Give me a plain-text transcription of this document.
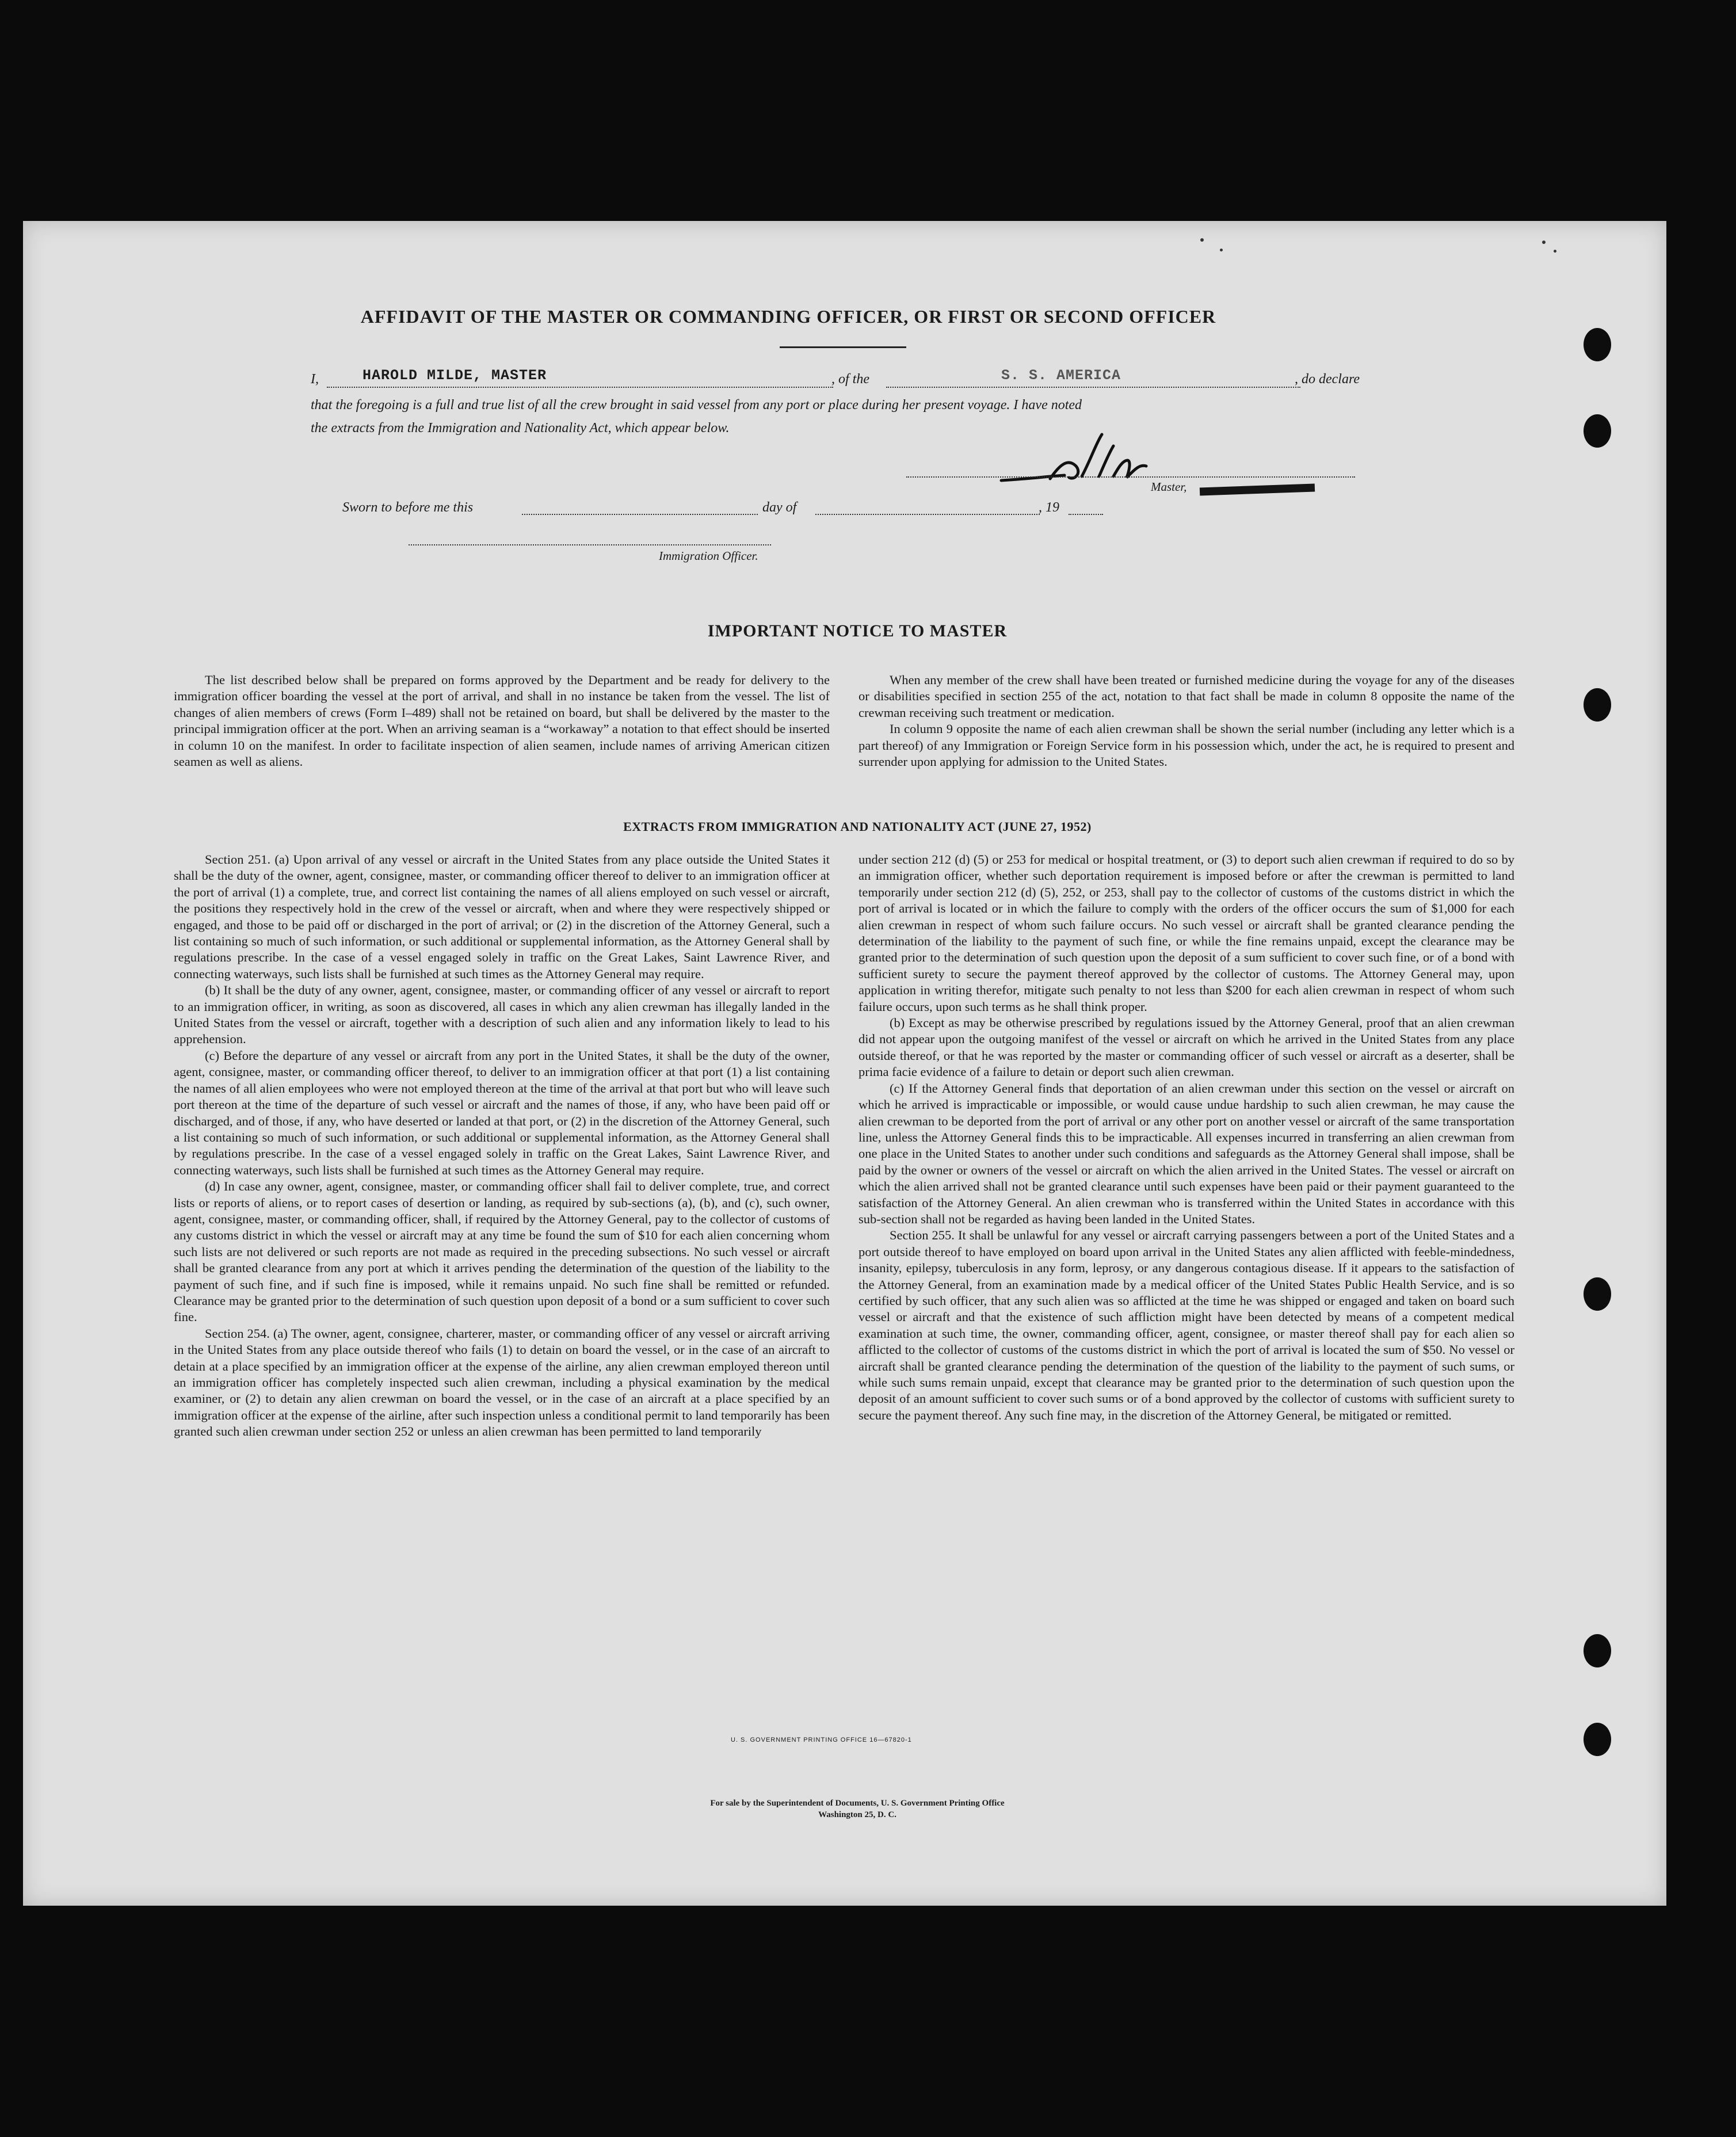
AFFIDAVIT OF THE MASTER OR COMMANDING OFFICER, OR FIRST OR SECOND OFFICER
I,	HAROLD MILDE, MASTER	, of the	S. S. AMERICA	, do declare
that the foregoing is a full and true list of all the crew brought in said vessel from any port or place during her present voyage. I have noted
the extracts from the Immigration and Nationality Act, which appear below.
Master,
Sworn to before me this	day of	, 19
Immigration Officer.
IMPORTANT NOTICE TO MASTER

The list described below shall be prepared on forms approved by the Department and be ready for delivery to the immigration officer boarding the vessel at the port of arrival, and shall in no instance be taken from the vessel. The list of changes of alien members of crews (Form I–489) shall not be retained on board, but shall be delivered by the master to the principal immigration officer at the port. When an arriving seaman is a “workaway” a notation to that effect should be inserted in column 10 on the manifest. In order to facilitate inspection of alien seamen, include names of arriving American citizen seamen as well as aliens.

When any member of the crew shall have been treated or furnished medicine during the voyage for any of the diseases or disabilities specified in section 255 of the act, notation to that fact shall be made in column 8 opposite the name of the crewman receiving such treatment or medication.

In column 9 opposite the name of each alien crewman shall be shown the serial number (including any letter which is a part thereof) of any Immigration or Foreign Service form in his possession which, under the act, he is required to present and surrender upon applying for admission to the United States.

EXTRACTS FROM IMMIGRATION AND NATIONALITY ACT (JUNE 27, 1952)

Section 251. (a) Upon arrival of any vessel or aircraft in the United States from any place outside the United States it shall be the duty of the owner, agent, consignee, master, or commanding officer thereof to deliver to an immigration officer at the port of arrival (1) a complete, true, and correct list containing the names of all aliens employed on such vessel or aircraft, the positions they respectively hold in the crew of the vessel or aircraft, when and where they were respectively shipped or engaged, and those to be paid off or discharged in the port of arrival; or (2) in the discretion of the Attorney General, such a list containing so much of such information, or such additional or supplemental information, as the Attorney General shall by regulations prescribe. In the case of a vessel engaged solely in traffic on the Great Lakes, Saint Lawrence River, and connecting waterways, such lists shall be furnished at such times as the Attorney General may require.

(b) It shall be the duty of any owner, agent, consignee, master, or commanding officer of any vessel or aircraft to report to an immigration officer, in writing, as soon as discovered, all cases in which any alien crewman has illegally landed in the United States from the vessel or aircraft, together with a description of such alien and any information likely to lead to his apprehension.

(c) Before the departure of any vessel or aircraft from any port in the United States, it shall be the duty of the owner, agent, consignee, master, or commanding officer thereof, to deliver to an immigration officer at that port (1) a list containing the names of all alien employees who were not employed thereon at the time of the arrival at that port but who will leave such port thereon at the time of the departure of such vessel or aircraft and the names of those, if any, who have been paid off or discharged, and of those, if any, who have deserted or landed at that port, or (2) in the discretion of the Attorney General, such a list containing so much of such information, or such additional or supplemental information, as the Attorney General shall by regulations prescribe. In the case of a vessel engaged solely in traffic on the Great Lakes, Saint Lawrence River, and connecting waterways, such lists shall be furnished at such times as the Attorney General may require.

(d) In case any owner, agent, consignee, master, or commanding officer shall fail to deliver complete, true, and correct lists or reports of aliens, or to report cases of desertion or landing, as required by sub-sections (a), (b), and (c), such owner, agent, consignee, master, or commanding officer, shall, if required by the Attorney General, pay to the collector of customs of any customs district in which the vessel or aircraft may at any time be found the sum of $10 for each alien concerning whom such lists are not delivered or such reports are not made as required in the preceding subsections. No such vessel or aircraft shall be granted clearance from any port at which it arrives pending the determination of the question of the liability to the payment of such fine, and if such fine is imposed, while it remains unpaid. No such fine shall be remitted or refunded. Clearance may be granted prior to the determination of such question upon deposit of a bond or a sum sufficient to cover such fine.

Section 254. (a) The owner, agent, consignee, charterer, master, or commanding officer of any vessel or aircraft arriving in the United States from any place outside thereof who fails (1) to detain on board the vessel, or in the case of an aircraft to detain at a place specified by an immigration officer at the expense of the airline, any alien crewman employed thereon until an immigration officer has completely inspected such alien crewman, including a physical examination by the medical examiner, or (2) to detain any alien crewman on board the vessel, or in the case of an aircraft at a place specified by an immigration officer at the expense of the airline, after such inspection unless a conditional permit to land temporarily has been granted such alien crewman under section 252 or unless an alien crewman has been permitted to land temporarily

under section 212 (d) (5) or 253 for medical or hospital treatment, or (3) to deport such alien crewman if required to do so by an immigration officer, whether such deportation requirement is imposed before or after the crewman is permitted to land temporarily under section 212 (d) (5), 252, or 253, shall pay to the collector of customs of the customs district in which the port of arrival is located or in which the failure to comply with the orders of the officer occurs the sum of $1,000 for each alien crewman in respect of whom such failure occurs. No such vessel or aircraft shall be granted clearance pending the determination of the liability to the payment of such fine, or while the fine remains unpaid, except the clearance may be granted prior to the determination of such question upon the deposit of a sum sufficient to cover such fine, or of a bond with sufficient surety to secure the payment thereof approved by the collector of customs. The Attorney General may, upon application in writing therefor, mitigate such penalty to not less than $200 for each alien crewman in respect of whom such failure occurs, upon such terms as he shall think proper.

(b) Except as may be otherwise prescribed by regulations issued by the Attorney General, proof that an alien crewman did not appear upon the outgoing manifest of the vessel or aircraft on which he arrived in the United States from any place outside thereof, or that he was reported by the master or commanding officer of such vessel or aircraft as a deserter, shall be prima facie evidence of a failure to detain or deport such alien crewman.

(c) If the Attorney General finds that deportation of an alien crewman under this section on the vessel or aircraft on which he arrived is impracticable or impossible, or would cause undue hardship to such alien crewman, he may cause the alien crewman to be deported from the port of arrival or any other port on another vessel or aircraft of the same transportation line, unless the Attorney General finds this to be impracticable. All expenses incurred in transferring an alien crewman from one place in the United States to another under such conditions and safeguards as the Attorney General shall impose, shall be paid by the owner or owners of the vessel or aircraft on which the alien arrived in the United States. The vessel or aircraft on which the alien arrived shall not be granted clearance until such expenses have been paid or their payment guaranteed to the satisfaction of the Attorney General. An alien crewman who is transferred within the United States in accordance with this sub-section shall not be regarded as having been landed in the United States.

Section 255. It shall be unlawful for any vessel or aircraft carrying passengers between a port of the United States and a port outside thereof to have employed on board upon arrival in the United States any alien afflicted with feeble-mindedness, insanity, epilepsy, tuberculosis in any form, leprosy, or any dangerous contagious disease. If it appears to the satisfaction of the Attorney General, from an examination made by a medical officer of the United States Public Health Service, and is so certified by such officer, that any such alien was so afflicted at the time he was shipped or engaged and taken on board such vessel or aircraft and that the existence of such affliction might have been detected by means of a competent medical examination at such time, the owner, commanding officer, agent, consignee, or master thereof shall pay for each alien so afflicted to the collector of customs of the customs district in which the port of arrival is located the sum of $50. No vessel or aircraft shall be granted clearance pending the determination of the question of the liability to the payment of such sums, or while such sums remain unpaid, except that clearance may be granted prior to the determination of such question upon the deposit of an amount sufficient to cover such sums or of a bond approved by the collector of customs with sufficient surety to secure the payment thereof. Any such fine may, in the discretion of the Attorney General, be mitigated or remitted.

U. S. GOVERNMENT PRINTING OFFICE 16—67820-1
For sale by the Superintendent of Documents, U. S. Government Printing Office
Washington 25, D. C.
